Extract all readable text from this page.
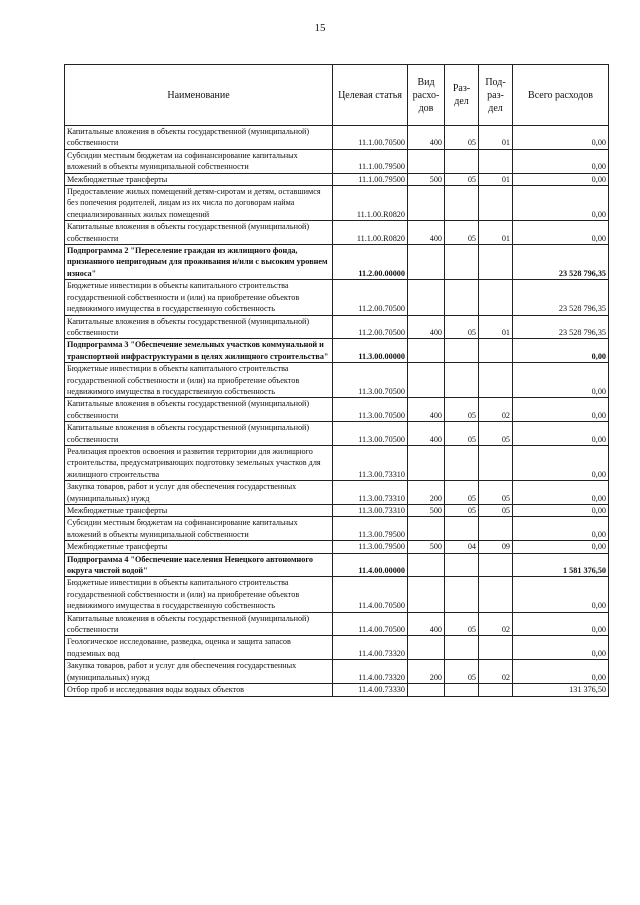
15
Наименование	Целевая статья	Вид расхо-дов	Раз-дел	Под-раз-дел	Всего расходов
Капитальные вложения в объекты государственной (муниципальной) собственности	11.1.00.70500	400	05	01	0,00
Субсидии местным бюджетам на софинансирование капитальных вложений в объекты муниципальной собственности	11.1.00.79500				0,00
Межбюджетные трансферты	11.1.00.79500	500	05	01	0,00
Предоставление жилых помещений детям-сиротам и детям, оставшимся без попечения родителей, лицам из их числа по договорам найма специализированных жилых помещений	11.1.00.R0820				0,00
Капитальные вложения в объекты государственной (муниципальной) собственности	11.1.00.R0820	400	05	01	0,00
Подпрограмма 2 "Переселение граждан из жилищного фонда, признанного непригодным для проживания и/или с высоким уровнем износа"	11.2.00.00000				23 528 796,35
Бюджетные инвестиции в объекты капитального строительства государственной собственности и (или) на приобретение объектов недвижимого имущества в государственную собственность	11.2.00.70500				23 528 796,35
Капитальные вложения в объекты государственной (муниципальной) собственности	11.2.00.70500	400	05	01	23 528 796,35
Подпрограмма 3 "Обеспечение земельных участков коммунальной и транспортной инфраструктурами в целях жилищного строительства"	11.3.00.00000				0,00
Бюджетные инвестиции в объекты капитального строительства государственной собственности и (или) на приобретение объектов недвижимого имущества в государственную собственность	11.3.00.70500				0,00
Капитальные вложения в объекты государственной (муниципальной) собственности	11.3.00.70500	400	05	02	0,00
Капитальные вложения в объекты государственной (муниципальной) собственности	11.3.00.70500	400	05	05	0,00
Реализация проектов освоения и развития территории для жилищного строительства, предусматривающих подготовку земельных участков для жилищного строительства	11.3.00.73310				0,00
Закупка товаров, работ и услуг для обеспечения государственных (муниципальных) нужд	11.3.00.73310	200	05	05	0,00
Межбюджетные трансферты	11.3.00.73310	500	05	05	0,00
Субсидии местным бюджетам на софинансирование капитальных вложений в объекты муниципальной собственности	11.3.00.79500				0,00
Межбюджетные трансферты	11.3.00.79500	500	04	09	0,00
Подпрограмма 4 "Обеспечение населения Ненецкого автономного округа чистой водой"	11.4.00.00000				1 581 376,50
Бюджетные инвестиции в объекты капитального строительства государственной собственности и (или) на приобретение объектов недвижимого имущества в государственную собственность	11.4.00.70500				0,00
Капитальные вложения в объекты государственной (муниципальной) собственности	11.4.00.70500	400	05	02	0,00
Геологическое исследование, разведка, оценка и защита запасов подземных вод	11.4.00.73320				0,00
Закупка товаров, работ и услуг для обеспечения государственных (муниципальных) нужд	11.4.00.73320	200	05	02	0,00
Отбор проб и исследования воды водных объектов	11.4.00.73330				131 376,50
